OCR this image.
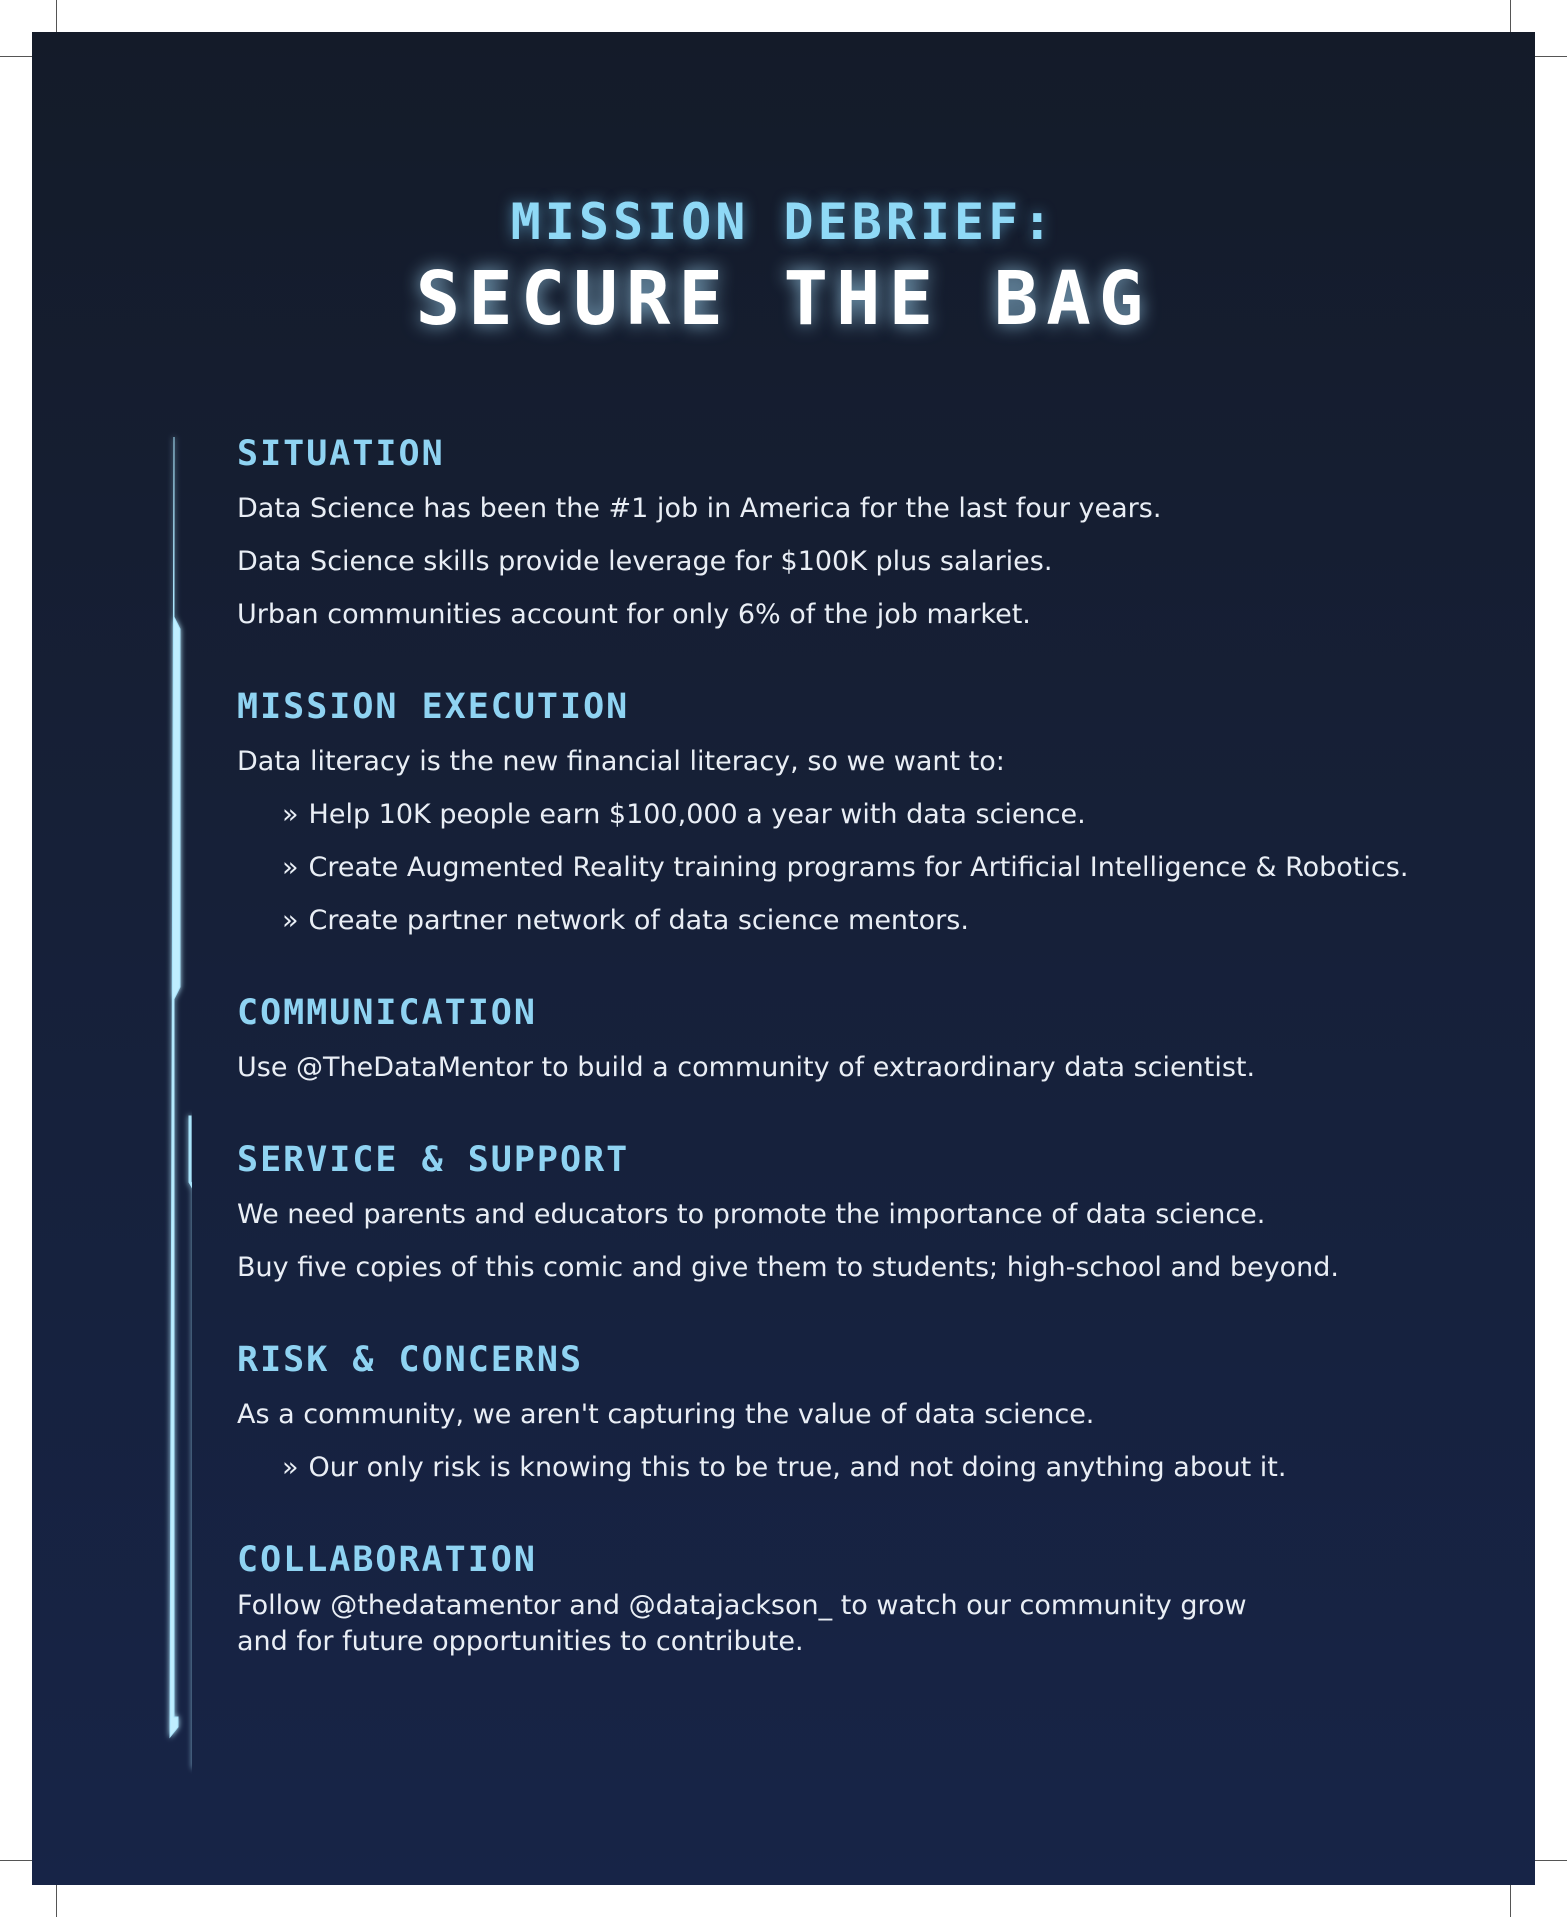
MISSION DEBRIEF:
SECURE THE BAG
SITUATION
Data Science has been the #1 job in America for the last four years.
Data Science skills provide leverage for $100K plus salaries.
Urban communities account for only 6% of the job market.
MISSION EXECUTION
Data literacy is the new financial literacy, so we want to:
» Help 10K people earn $100,000 a year with data science.
» Create Augmented Reality training programs for Artificial Intelligence & Robotics.
» Create partner network of data science mentors.
COMMUNICATION
Use @TheDataMentor to build a community of extraordinary data scientist.
SERVICE & SUPPORT
We need parents and educators to promote the importance of data science.
Buy five copies of this comic and give them to students; high-school and beyond.
RISK & CONCERNS
As a community, we aren't capturing the value of data science.
» Our only risk is knowing this to be true, and not doing anything about it.
COLLABORATION
Follow @thedatamentor and @datajackson_ to watch our community grow
and for future opportunities to contribute.
